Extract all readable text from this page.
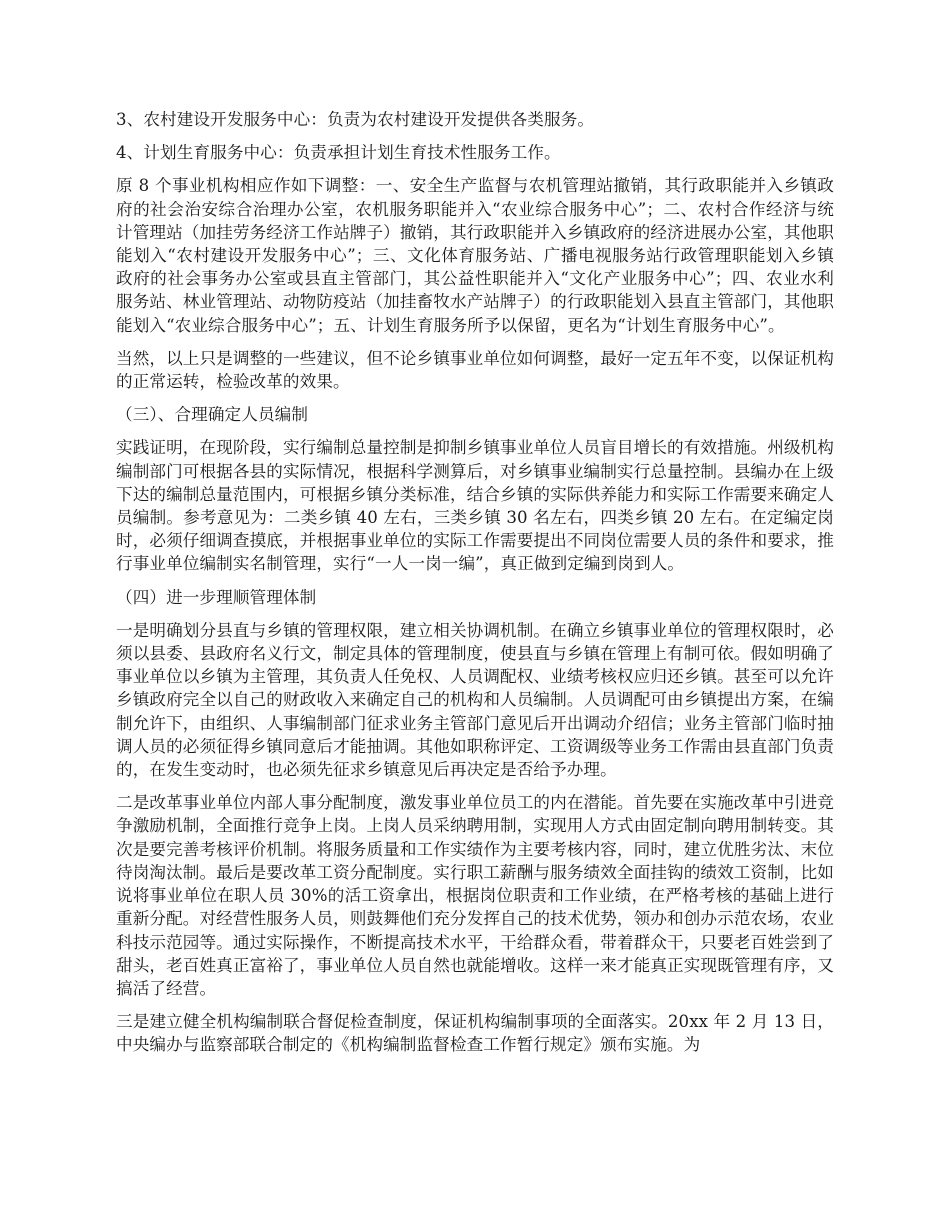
3、农村建设开发服务中心：负责为农村建设开发提供各类服务。

4、计划生育服务中心：负责承担计划生育技术性服务工作。

原 8 个事业机构相应作如下调整：一、安全生产监督与农机管理站撤销，其行政职能并入乡镇政府的社会治安综合治理办公室，农机服务职能并入“农业综合服务中心”；二、农村合作经济与统计管理站（加挂劳务经济工作站牌子）撤销，其行政职能并入乡镇政府的经济进展办公室，其他职能划入“农村建设开发服务中心”；三、文化体育服务站、广播电视服务站行政管理职能划入乡镇政府的社会事务办公室或县直主管部门，其公益性职能并入“文化产业服务中心”；四、农业水利服务站、林业管理站、动物防疫站（加挂畜牧水产站牌子）的行政职能划入县直主管部门，其他职能划入“农业综合服务中心”；五、计划生育服务所予以保留，更名为“计划生育服务中心”。

当然，以上只是调整的一些建议，但不论乡镇事业单位如何调整，最好一定五年不变，以保证机构的正常运转，检验改革的效果。

（三）、合理确定人员编制

实践证明，在现阶段，实行编制总量控制是抑制乡镇事业单位人员盲目增长的有效措施。州级机构编制部门可根据各县的实际情况，根据科学测算后，对乡镇事业编制实行总量控制。县编办在上级下达的编制总量范围内，可根据乡镇分类标准，结合乡镇的实际供养能力和实际工作需要来确定人员编制。参考意见为：二类乡镇 40 左右，三类乡镇 30 名左右，四类乡镇 20 左右。在定编定岗时，必须仔细调查摸底，并根据事业单位的实际工作需要提出不同岗位需要人员的条件和要求，推行事业单位编制实名制管理，实行“一人一岗一编”，真正做到定编到岗到人。

（四）进一步理顺管理体制

一是明确划分县直与乡镇的管理权限，建立相关协调机制。在确立乡镇事业单位的管理权限时，必须以县委、县政府名义行文，制定具体的管理制度，使县直与乡镇在管理上有制可依。假如明确了事业单位以乡镇为主管理，其负责人任免权、人员调配权、业绩考核权应归还乡镇。甚至可以允许乡镇政府完全以自己的财政收入来确定自己的机构和人员编制。人员调配可由乡镇提出方案，在编制允许下，由组织、人事编制部门征求业务主管部门意见后开出调动介绍信；业务主管部门临时抽调人员的必须征得乡镇同意后才能抽调。其他如职称评定、工资调级等业务工作需由县直部门负责的，在发生变动时，也必须先征求乡镇意见后再决定是否给予办理。

二是改革事业单位内部人事分配制度，激发事业单位员工的内在潜能。首先要在实施改革中引进竞争激励机制，全面推行竞争上岗。上岗人员采纳聘用制，实现用人方式由固定制向聘用制转变。其次是要完善考核评价机制。将服务质量和工作实绩作为主要考核内容，同时，建立优胜劣汰、末位待岗淘汰制。最后是要改革工资分配制度。实行职工薪酬与服务绩效全面挂钩的绩效工资制，比如说将事业单位在职人员 30%的活工资拿出，根据岗位职责和工作业绩，在严格考核的基础上进行重新分配。对经营性服务人员，则鼓舞他们充分发挥自己的技术优势，领办和创办示范农场，农业科技示范园等。通过实际操作，不断提高技术水平，干给群众看，带着群众干，只要老百姓尝到了甜头，老百姓真正富裕了，事业单位人员自然也就能增收。这样一来才能真正实现既管理有序，又搞活了经营。

三是建立健全机构编制联合督促检查制度，保证机构编制事项的全面落实。20xx 年 2 月 13 日，中央编办与监察部联合制定的《机构编制监督检查工作暂行规定》颁布实施。为
